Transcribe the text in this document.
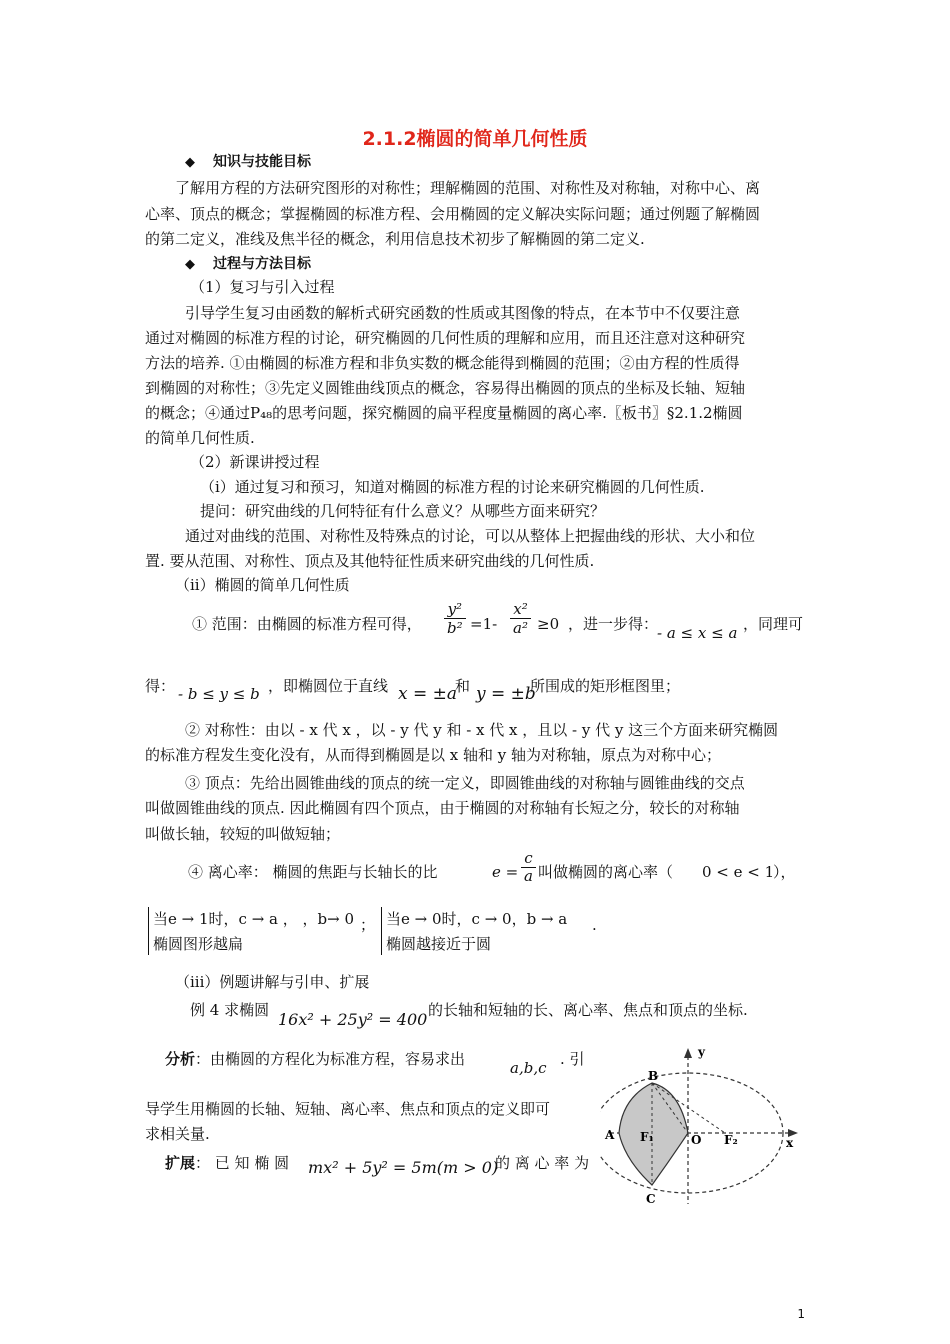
2.1.2椭圆的简单几何性质
◆ 知识与技能目标
了解用方程的方法研究图形的对称性；理解椭圆的范围、对称性及对称轴，对称中心、离
心率、顶点的概念；掌握椭圆的标准方程、会用椭圆的定义解决实际问题；通过例题了解椭圆
的第二定义，准线及焦半径的概念，利用信息技术初步了解椭圆的第二定义.
◆ 过程与方法目标
（1）复习与引入过程
引导学生复习由函数的解析式研究函数的性质或其图像的特点，在本节中不仅要注意
通过对椭圆的标准方程的讨论，研究椭圆的几何性质的理解和应用，而且还注意对这种研究
方法的培养. ①由椭圆的标准方程和非负实数的概念能得到椭圆的范围；②由方程的性质得
到椭圆的对称性；③先定义圆锥曲线顶点的概念，容易得出椭圆的顶点的坐标及长轴、短轴
的概念；④通过P₄₈的思考问题，探究椭圆的扁平程度量椭圆的离心率.〖板书〗§2.1.2椭圆
的简单几何性质.
（2）新课讲授过程
（i）通过复习和预习，知道对椭圆的标准方程的讨论来研究椭圆的几何性质.
提问：研究曲线的几何特征有什么意义？从哪些方面来研究？
通过对曲线的范围、对称性及特殊点的讨论，可以从整体上把握曲线的形状、大小和位
置. 要从范围、对称性、顶点及其他特征性质来研究曲线的几何性质.
（ii）椭圆的简单几何性质
① 范围：由椭圆的标准方程可得， $\frac{\text{y²}}{\text{b²}} =1- \frac{\text{x²}}{\text{a²}} \ge 0$ ，进一步得：
- a ≤ x ≤ a ，同理可
得： - b ≤ y ≤ b ，即椭圆位于直线 x = ±a
和 y = ±b
所围成的矩形框图里；
② 对称性：由以 - x 代 x ，以 - y 代 y 和 - x 代 x ，且以 - y 代 y 这三个方面来研究椭圆
的标准方程发生变化没有，从而得到椭圆是以 x 轴和 y 轴为对称轴，原点为对称中心；
③ 顶点：先给出圆锥曲线的顶点的统一定义，即圆锥曲线的对称轴与圆锥曲线的交点
叫做圆锥曲线的顶点. 因此椭圆有四个顶点，由于椭圆的对称轴有长短之分，较长的对称轴
叫做长轴，较短的叫做短轴；
④ 离心率： 椭圆的焦距与长轴长的比	$e = \frac{c}{a}$ 叫做椭圆的离心率（ 0 < e < 1
），
当e → 1时，c → a ， ，b→ 0
椭圆图形越扁
； 当e → 0时，c → 0，b → a
椭圆越接近于圆
.
（iii）例题讲解与引申、扩展
例 4 求椭圆 16x² + 25y² = 400 的长轴和短轴的长、离心率、焦点和顶点的坐标.
分析：由椭圆的方程化为标准方程，容易求出	a,b,c . 引
导学生用椭圆的长轴、短轴、离心率、焦点和顶点的定义即可
求相关量.
扩展： 已 知 椭 圆 mx² + 5y² = 5m(m > 0)
的 离 心 率 为
y
x
B
A F₁	O F₂
C
1
